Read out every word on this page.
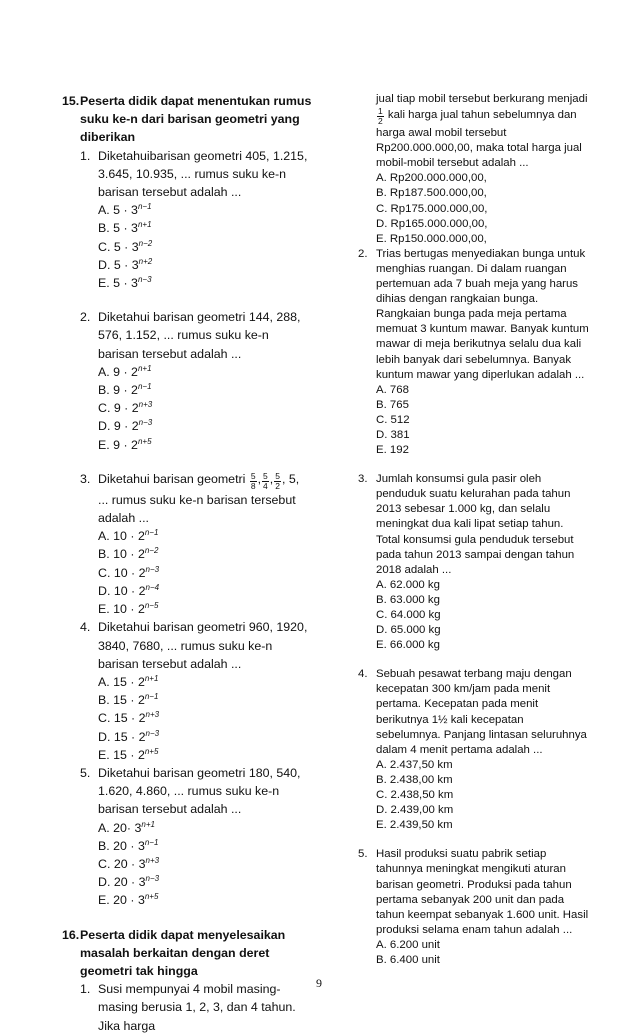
15. Peserta didik dapat menentukan rumus suku ke-n dari barisan geometri yang diberikan
1. Diketahuibarisan geometri 405, 1.215, 3.645, 10.935, ... rumus suku ke-n barisan tersebut adalah ...
A. $5 \cdot 3^{n-1}$
B. $5 \cdot 3^{n+1}$
C. $5 \cdot 3^{n-2}$
D. $5 \cdot 3^{n+2}$
E. $5 \cdot 3^{n-3}$
2. Diketahui barisan geometri 144, 288, 576, 1.152, ... rumus suku ke-n barisan tersebut adalah ...
A. $9 \cdot 2^{n+1}$
B. $9 \cdot 2^{n-1}$
C. $9 \cdot 2^{n+3}$
D. $9 \cdot 2^{n-3}$
E. $9 \cdot 2^{n+5}$
3. Diketahui barisan geometri $\frac{5}{8}$ , $\frac{5}{4}$ , $\frac{5}{2}$ , 5, ... rumus suku ke-n barisan tersebut adalah ...
A. $10 \cdot 2^{n-1}$
B. $10 \cdot 2^{n-2}$
C. $10 \cdot 2^{n-3}$
D. $10 \cdot 2^{n-4}$
E. $10 \cdot 2^{n-5}$
4. Diketahui barisan geometri 960, 1920, 3840, 7680, ... rumus suku ke-n barisan tersebut adalah ...
A. $15 \cdot 2^{n+1}$
B. $15 \cdot 2^{n-1}$
C. $15 \cdot 2^{n+3}$
D. $15 \cdot 2^{n-3}$
E. $15 \cdot 2^{n+5}$
5. Diketahui barisan geometri 180, 540, 1.620, 4.860, ... rumus suku ke-n barisan tersebut adalah ...
A. $20\cdot 3^{n+1}$
B. $20 \cdot 3^{n-1}$
C. $20 \cdot 3^{n+3}$
D. $20 \cdot 3^{n-3}$
E. $20 \cdot 3^{n+5}$
16. Peserta didik dapat menyelesaikan masalah berkaitan dengan deret geometri tak hingga
1. Susi mempunyai 4 mobil masing-masing berusia 1, 2, 3, dan 4 tahun. Jika harga
jual tiap mobil tersebut berkurang menjadi
$\frac{1}{2}$ kali harga jual tahun sebelumnya dan harga awal mobil tersebut Rp200.000.000,00, maka total harga jual mobil-mobil tersebut adalah ...
A. Rp200.000.000,00,
B. Rp187.500.000,00,
C. Rp175.000.000,00,
D. Rp165.000.000,00,
E. Rp150.000.000,00,
2. Trias bertugas menyediakan bunga untuk menghias ruangan. Di dalam ruangan pertemuan ada 7 buah meja yang harus dihias dengan rangkaian bunga. Rangkaian bunga pada meja pertama memuat 3 kuntum mawar. Banyak kuntum mawar di meja berikutnya selalu dua kali lebih banyak dari sebelumnya. Banyak kuntum mawar yang diperlukan adalah ...
A. 768
B. 765
C. 512
D. 381
E. 192
3. Jumlah konsumsi gula pasir oleh penduduk suatu kelurahan pada tahun 2013 sebesar 1.000 kg, dan selalu meningkat dua kali lipat setiap tahun. Total konsumsi gula penduduk tersebut pada tahun 2013 sampai dengan tahun 2018 adalah ...
A. 62.000 kg
B. 63.000 kg
C. 64.000 kg
D. 65.000 kg
E. 66.000 kg
4. Sebuah pesawat terbang maju dengan kecepatan 300 km/jam pada menit pertama. Kecepatan pada menit berikutnya 1½ kali kecepatan sebelumnya. Panjang lintasan seluruhnya dalam 4 menit pertama adalah ...
A. 2.437,50 km
B. 2.438,00 km
C. 2.438,50 km
D. 2.439,00 km
E. 2.439,50 km
5. Hasil produksi suatu pabrik setiap tahunnya meningkat mengikuti aturan barisan geometri. Produksi pada tahun pertama sebanyak 200 unit dan pada tahun keempat sebanyak 1.600 unit. Hasil produksi selama enam tahun adalah ...
A. 6.200 unit
B. 6.400 unit
9
